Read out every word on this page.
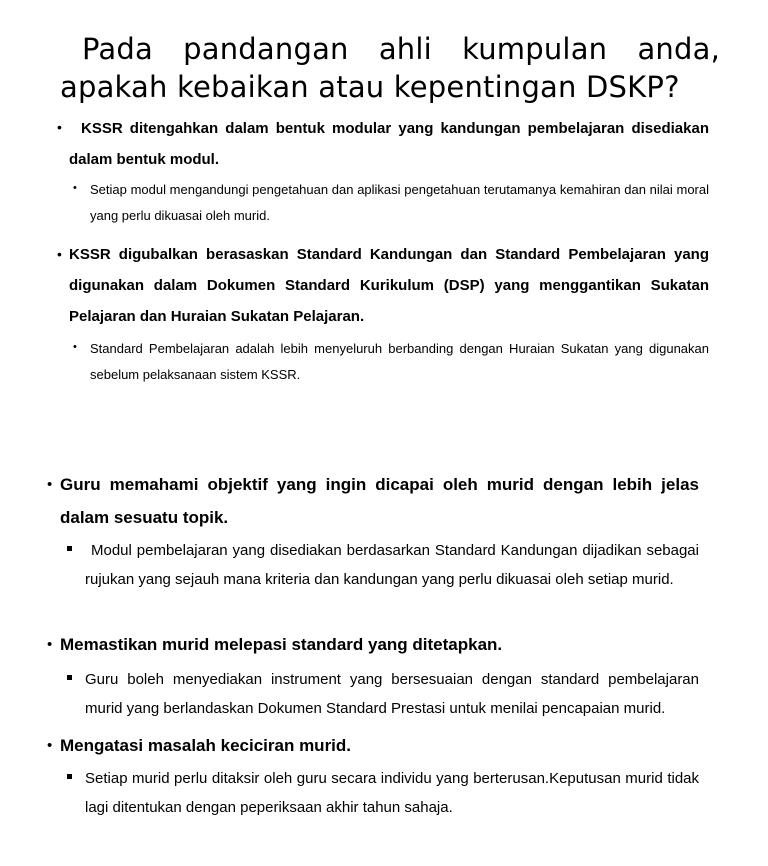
Pada pandangan ahli kumpulan anda,
apakah kebaikan atau kepentingan DSKP?
•	KSSR ditengahkan dalam bentuk modular yang kandungan pembelajaran disediakan dalam bentuk modul.
• Setiap modul mengandungi pengetahuan dan aplikasi pengetahuan terutamanya kemahiran dan nilai moral yang perlu dikuasai oleh murid.
• KSSR digubalkan berasaskan Standard Kandungan dan Standard Pembelajaran yang digunakan dalam Dokumen Standard Kurikulum (DSP) yang menggantikan Sukatan Pelajaran dan Huraian Sukatan Pelajaran.
• Standard Pembelajaran adalah lebih menyeluruh berbanding dengan Huraian Sukatan yang digunakan sebelum pelaksanaan sistem KSSR.
• Guru memahami objektif yang ingin dicapai oleh murid dengan lebih jelas dalam sesuatu topik.
Modul pembelajaran yang disediakan berdasarkan Standard Kandungan dijadikan sebagai rujukan yang sejauh mana kriteria dan kandungan yang perlu dikuasai oleh setiap murid.
• Memastikan murid melepasi standard yang ditetapkan.
Guru boleh menyediakan instrument yang bersesuaian dengan standard pembelajaran murid yang berlandaskan Dokumen Standard Prestasi untuk menilai pencapaian murid.
• Mengatasi masalah keciciran murid.
Setiap murid perlu ditaksir oleh guru secara individu yang berterusan.Keputusan murid tidak lagi ditentukan dengan peperiksaan akhir tahun sahaja.
